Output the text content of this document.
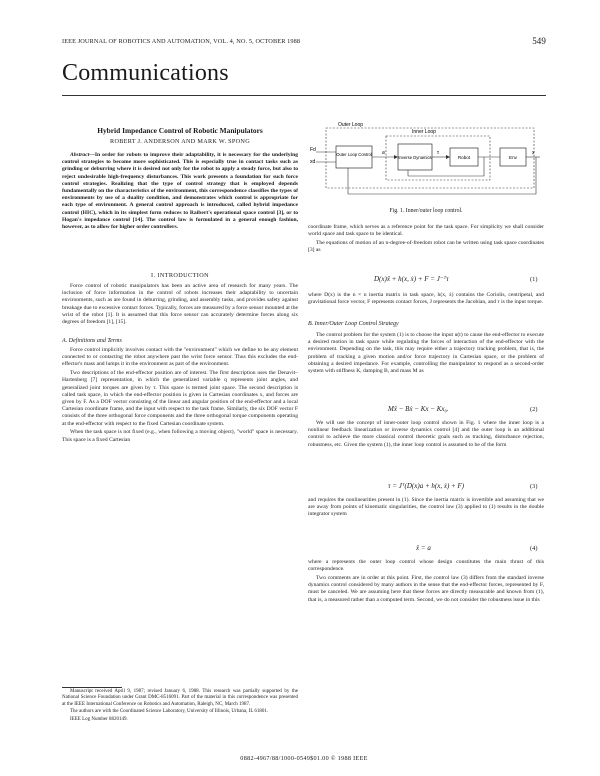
IEEE JOURNAL OF ROBOTICS AND AUTOMATION, VOL. 4, NO. 5, OCTOBER 1988	549
Communications
Hybrid Impedance Control of Robotic Manipulators
ROBERT J. ANDERSON AND MARK W. SPONG
Abstract—In order for robots to improve their adaptability, it is necessary for the underlying control strategies to become more sophisticated. This is especially true in contact tasks such as grinding or deburring where it is desired not only for the robot to apply a steady force, but also to reject undesirable high-frequency disturbances. This work presents a foundation for such force control strategies. Realizing that the type of control strategy that is employed depends fundamentally on the characteristics of the environment, this correspondence classifies the types of environments by use of a duality condition, and demonstrates which control is appropriate for each type of environment. A general control approach is introduced, called hybrid impedance control (HIC), which in its simplest form reduces to Raibert's operational space control [3], or to Hogan's impedance control [14]. The control law is formulated in a general enough fashion, however, as to allow for higher order controllers.
I. INTRODUCTION

Force control of robotic manipulators has been an active area of research for many years. The inclusion of force information in the control of robots increases their adaptability to uncertain environments, such as are found in deburring, grinding, and assembly tasks, and provides safety against breakage due to excessive contact forces. Typically, forces are measured by a force sensor mounted at the wrist of the robot [1]. It is assumed that this force sensor can accurately determine forces along six degrees of freedom [1], [15].

A. Definitions and Terms

Force control implicitly involves contact with the "environment" which we define to be any element connected to or contacting the robot anywhere past the wrist force sensor. Thus this excludes the end-effector's mass and lumps it in the environment as part of the environment.

Two descriptions of the end-effector position are of interest. The first description uses the Denavit–Hartenberg [7] representation, in which the generalized variable q represents joint angles, and generalized joint torques are given by τ. This space is termed joint space. The second description is called task space, in which the end-effector position is given in Cartesian coordinates x, and forces are given by F. As a DOF vector consisting of the linear and angular position of the end-effector and a local Cartesian coordinate frame, and the input with respect to the task frame. Similarly, the six DOF vector F consists of the three orthogonal force components and the three orthogonal torque components operating at the end-effector with respect to the fixed Cartesian coordinate system.

When the task space is not fixed (e.g., when following a moving object), "world" space is necessary. This space is a fixed Cartesian

Manuscript received April 9, 1987; revised January 6, 1988. This research was partially supported by the National Science Foundation under Grant DMC-8516091. Part of the material in this correspondence was presented at the IEEE International Conference on Robotics and Automation, Raleigh, NC, March 1987.

The authors are with the Coordinated Science Laboratory, University of Illinois, Urbana, IL 61801.

IEEE Log Number 8820149.

Outer Loop
Inner Loop
Fd
xd
Outer Loop Control a
Inverse Dynamics
τ
Robot	Env
x
Fig. 1. Inner/outer loop control.

coordinate frame, which serves as a reference point for the task space. For simplicity we shall consider world space and task space to be identical.

The equations of motion of an n-degree-of-freedom robot can be written using task space coordinates [3] as

D(x)ẍ + h(x, ẋ) + F = J⁻ᵀτ	(1)

where D(x) is the n × n inertia matrix in task space, h(x, ẋ) contains the Coriolis, centripetal, and gravitational force vector, F represents contact forces, J represents the Jacobian, and τ is the input torque.

B. Inner/Outer Loop Control Strategy

The control problem for the system (1) is to choose the input u(t) to cause the end-effector to execute a desired motion in task space while regulating the forces of interaction of the end-effector with the environment. Depending on the task, this may require either a trajectory tracking problem, that is, the problem of tracking a given motion and/or force trajectory in Cartesian space, or the problem of obtaining a desired impedance. For example, controlling the manipulator to respond as a second-order system with stiffness K, damping B, and mass M as

Mẍ − Bẋ − Kx − Kx₀.	(2)

We will use the concept of inner-outer loop control shown in Fig. 1 where the inner loop is a nonlinear feedback linearization or inverse dynamics control [4] and the outer loop is an additional control to achieve the more classical control theoretic goals such as tracking, disturbance rejection, robustness, etc. Given the system (1), the inner loop control is assumed to be of the form

τ = Jᵀ(D(x)a + h(x, ẋ) + F)	(3)

and requires the nonlinearities present in (1). Since the inertia matrix is invertible and assuming that we are away from points of kinematic singularities, the control law (3) applied to (1) results in the double integrator system

ẍ = a	(4)

where a represents the outer loop control whose design constitutes the main thrust of this correspondence.

Two comments are in order at this point. First, the control law (3) differs from the standard inverse dynamics control considered by many authors in the sense that the end-effector forces, represented by F, must be canceled. We are assuming here that these forces are directly measurable and known from (1), that is, a measured rather than a computed term. Second, we do not consider the robustness issue in this

0882-4967/88/1000-0549$01.00 © 1988 IEEE
